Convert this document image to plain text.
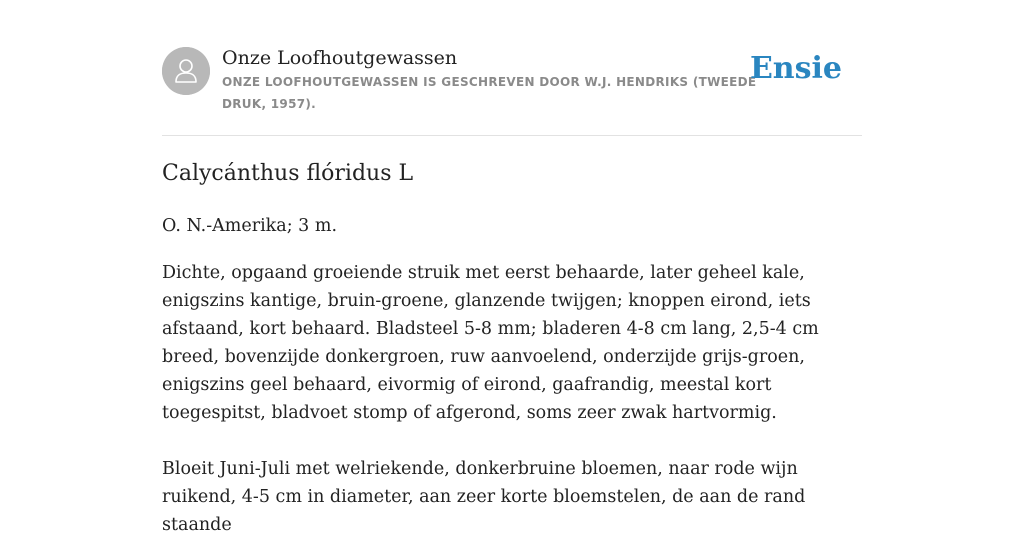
Onze Loofhoutgewassen
ONZE LOOFHOUTGEWASSEN IS GESCHREVEN DOOR W.J. HENDRIKS (TWEEDE DRUK, 1957).
Ensie
Calycánthus flóridus L

O. N.-Amerika; 3 m.

Dichte, opgaand groeiende struik met eerst behaarde, later geheel kale, enigszins kantige, bruin-groene, glanzende twijgen; knoppen eirond, iets afstaand, kort behaard. Bladsteel 5-8 mm; bladeren 4-8 cm lang, 2,5-4 cm breed, bovenzijde donkergroen, ruw aanvoelend, onderzijde grijs-groen, enigszins geel behaard, eivormig of eirond, gaafrandig, meestal kort toegespitst, bladvoet stomp of afgerond, soms zeer zwak hartvormig.

Bloeit Juni-Juli met welriekende, donkerbruine bloemen, naar rode wijn ruikend, 4-5 cm in diameter, aan zeer korte bloemstelen, de aan de rand staande
